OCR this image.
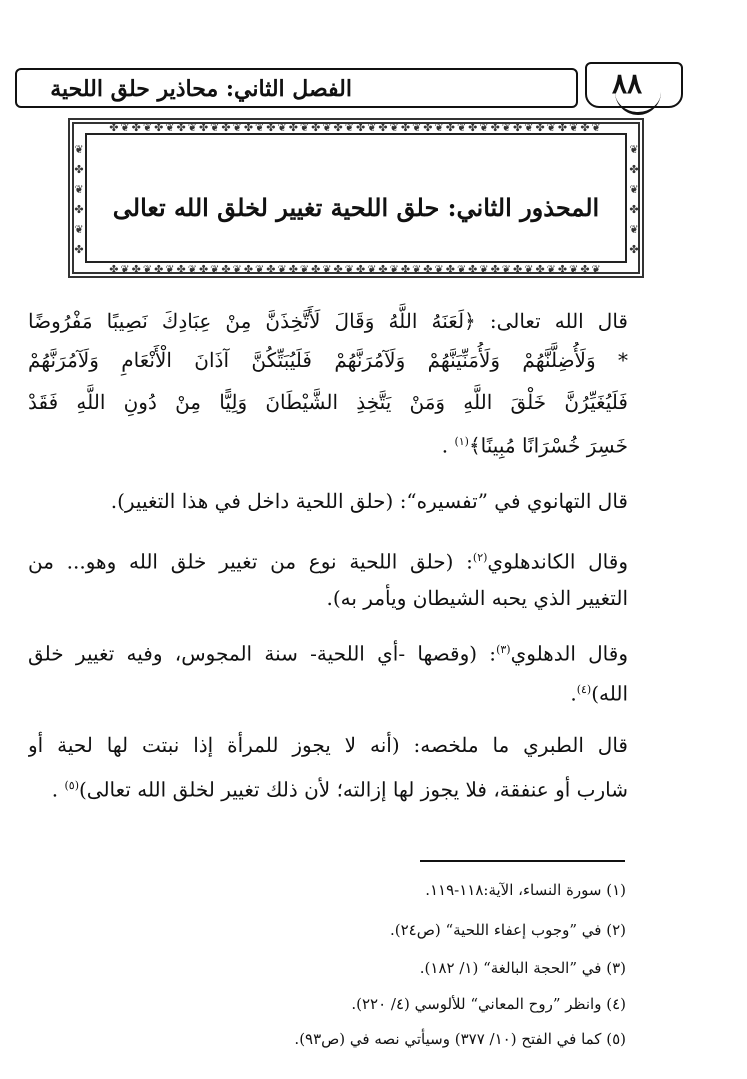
الفصل الثاني: محاذير حلق اللحية	٨٨
✤❦✤❦✤❦✤❦✤❦✤❦✤❦✤❦✤❦✤❦✤❦✤❦✤❦✤❦✤❦✤❦✤❦✤❦✤❦✤❦✤❦✤❦
✤❦✤❦✤❦✤❦✤❦✤❦✤❦✤❦✤❦✤❦✤❦✤❦✤❦✤❦✤❦✤❦✤❦✤❦✤❦✤❦✤❦✤❦
❦
✤
❦
✤
❦
✤
❦
✤
❦
✤
❦
✤
المحذور الثاني: حلق اللحية تغيير لخلق الله تعالى
قال الله تعالى: ﴿لَعَنَهُ اللَّهُ وَقَالَ لَأَتَّخِذَنَّ مِنْ عِبَادِكَ نَصِيبًا مَفْرُوضًا
* وَلَأُضِلَّنَّهُمْ وَلَأُمَنِّيَنَّهُمْ وَلَآمُرَنَّهُمْ فَلَيُبَتِّكُنَّ آذَانَ الْأَنْعَامِ وَلَآمُرَنَّهُمْ
فَلَيُغَيِّرُنَّ خَلْقَ اللَّهِ وَمَنْ يَتَّخِذِ الشَّيْطَانَ وَلِيًّا مِنْ دُونِ اللَّهِ فَقَدْ
خَسِرَ خُسْرَانًا مُبِينًا﴾$^{(١)}$ .
قال التهانوي في ”تفسيره“: (حلق اللحية داخل في هذا التغيير).
وقال الكاندهلوي$^{(٢)}$: (حلق اللحية نوع من تغيير خلق الله وهو... من
التغيير الذي يحبه الشيطان ويأمر به).
وقال الدهلوي$^{(٣)}$: (وقصها -أي اللحية- سنة المجوس، وفيه تغيير خلق
الله)$^{(٤)}$.
قال الطبري ما ملخصه: (أنه لا يجوز للمرأة إذا نبتت لها لحية أو
شارب أو عنفقة، فلا يجوز لها إزالته؛ لأن ذلك تغيير لخلق الله تعالى)$^{(٥)}$ .
(١) سورة النساء، الآية:١١٨-١١٩.
(٢) في ”وجوب إعفاء اللحية“ (ص٢٤).
(٣) في ”الحجة البالغة“ (١/ ١٨٢).
(٤) وانظر ”روح المعاني“ للألوسي (٤/ ٢٢٠).
(٥) كما في الفتح (١٠/ ٣٧٧) وسيأتي نصه في (ص٩٣).
